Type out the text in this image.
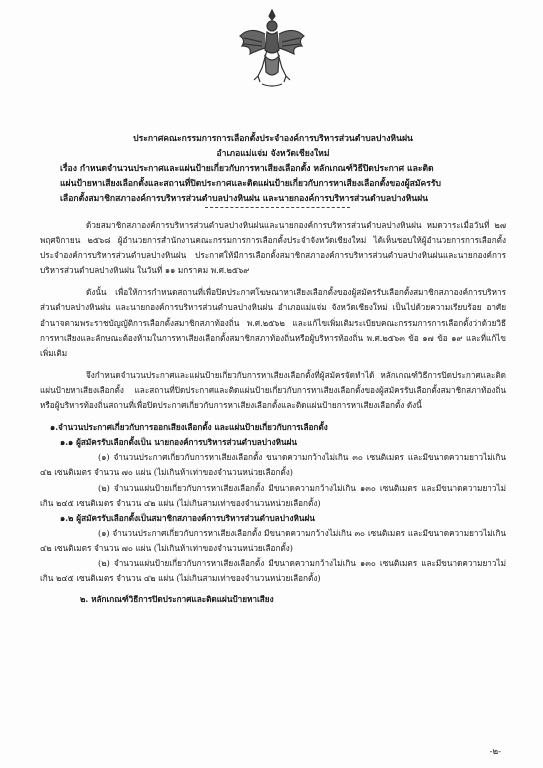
ประกาศคณะกรรมการการเลือกตั้งประจำองค์การบริหารส่วนตำบลปางหินฝน
อำเภอแม่แจ่ม จังหวัดเชียงใหม่
เรื่อง กำหนดจำนวนประกาศและแผ่นป้ายเกี่ยวกับการหาเสียงเลือกตั้ง หลักเกณฑ์วิธีปิดประกาศ และติด
แผ่นป้ายหาเสียงเลือกตั้งและสถานที่ปิดประกาศและติดแผ่นป้ายเกี่ยวกับการหาเสียงเลือกตั้งของผู้สมัครรับ
เลือกตั้งสมาชิกสภาองค์การบริหารส่วนตำบลปางหินฝน และนายกองค์การบริหารส่วนตำบลปางหินฝน

ด้วยสมาชิกสภาองค์การบริหารส่วนตำบลปางหินฝนและนายกองค์การบริหารส่วนตำบลปางหินฝน หมดวาระเมื่อวันที่ ๒๗ พฤศจิกายน ๒๕๖๘ ผู้อำนวยการสำนักงานคณะกรรมการการเลือกตั้งประจำจังหวัดเชียงใหม่ ได้เห็นชอบให้ผู้อำนวยการการเลือกตั้งประจำองค์การบริหารส่วนตำบลปางหินฝน ประกาศให้มีการเลือกตั้งสมาชิกสภาองค์การบริหารส่วนตำบลปางหินฝนและนายกองค์การบริหารส่วนตำบลปางหินฝน ในวันที่ ๑๑ มกราคม พ.ศ.๒๕๖๙

ดังนั้น เพื่อให้การกำหนดสถานที่เพื่อปิดประกาศโฆษณาหาเสียงเลือกตั้งของผู้สมัครรับเลือกตั้งสมาชิกสภาองค์การบริหารส่วนตำบลปางหินฝน และนายกองค์การบริหารส่วนตำบลปางหินฝน อำเภอแม่แจ่ม จังหวัดเชียงใหม่ เป็นไปด้วยความเรียบร้อย อาศัยอำนาจตามพระราชบัญญัติการเลือกตั้งสมาชิกสภาท้องถิ่น พ.ศ.๒๕๖๒ และแก้ไขเพิ่มเติมระเบียบคณะกรรมการการเลือกตั้งว่าด้วยวิธีการหาเสียงและลักษณะต้องห้ามในการหาเสียงเลือกตั้งสมาชิกสภาท้องถิ่นหรือผู้บริหารท้องถิ่น พ.ศ.๒๕๖๓ ข้อ ๑๗ ข้อ ๑๙ และที่แก้ไขเพิ่มเติม

จึงกำหนดจำนวนประกาศและแผ่นป้ายเกี่ยวกับการหาเสียงเลือกตั้งที่ผู้สมัครจัดทำได้ หลักเกณฑ์วิธีการปิดประกาศและติดแผ่นป้ายหาเสียงเลือกตั้ง และสถานที่ปิดประกาศและติดแผ่นป้ายเกี่ยวกับการหาเสียงเลือกตั้งของผู้สมัครรับเลือกตั้งสมาชิกสภาท้องถิ่นหรือผู้บริหารท้องถิ่นสถานที่เพื่อปิดประกาศเกี่ยวกับการหาเสียงเลือกตั้งและติดแผ่นป้ายการหาเสียงเลือกตั้ง ดังนี้

๑.จำนวนประกาศเกี่ยวกับการออกเสียงเลือกตั้ง และแผ่นป้ายเกี่ยวกับการเลือกตั้ง

๑.๑ ผู้สมัครรับเลือกตั้งเป็น นายกองค์การบริหารส่วนตำบลปางหินฝน

(๑) จำนวนประกาศเกี่ยวกับการหาเสียงเลือกตั้ง ขนาดความกว้างไม่เกิน ๓๐ เซนติเมตร และมีขนาดความยาวไม่เกิน ๔๒ เซนติเมตร จำนวน ๗๐ แผ่น (ไม่เกินห้าเท่าของจำนวนหน่วยเลือกตั้ง)

(๒) จำนวนแผ่นป้ายเกี่ยวกับการหาเสียงเลือกตั้ง มีขนาดความกว้างไม่เกิน ๑๓๐ เซนติเมตร และมีขนาดความยาวไม่เกิน ๒๔๕ เซนติเมตร จำนวน ๔๒ แผ่น (ไม่เกินสามเท่าของจำนวนหน่วยเลือกตั้ง)

๑.๒ ผู้สมัครรับเลือกตั้งเป็นสมาชิกสภาองค์การบริหารส่วนตำบลปางหินฝน

(๑) จำนวนประกาศเกี่ยวกับการหาเสียงเลือกตั้ง มีขนาดความกว้างไม่เกิน ๓๐ เซนติเมตร และมีขนาดความยาวไม่เกิน ๔๒ เซนติเมตร จำนวน ๗๐ แผ่น (ไม่เกินห้าเท่าของจำนวนหน่วยเลือกตั้ง)

(๒) จำนวนแผ่นป้ายเกี่ยวกับการหาเสียงเลือกตั้ง มีขนาดความกว้างไม่เกิน ๑๓๐ เซนติเมตร และมีขนาดความยาวไม่เกิน ๒๔๕ เซนติเมตร จำนวน ๔๒ แผ่น (ไม่เกินสามเท่าของจำนวนหน่วยเลือกตั้ง)

๒. หลักเกณฑ์วิธีการปิดประกาศและติดแผ่นป้ายหาเสียง

-๒-
